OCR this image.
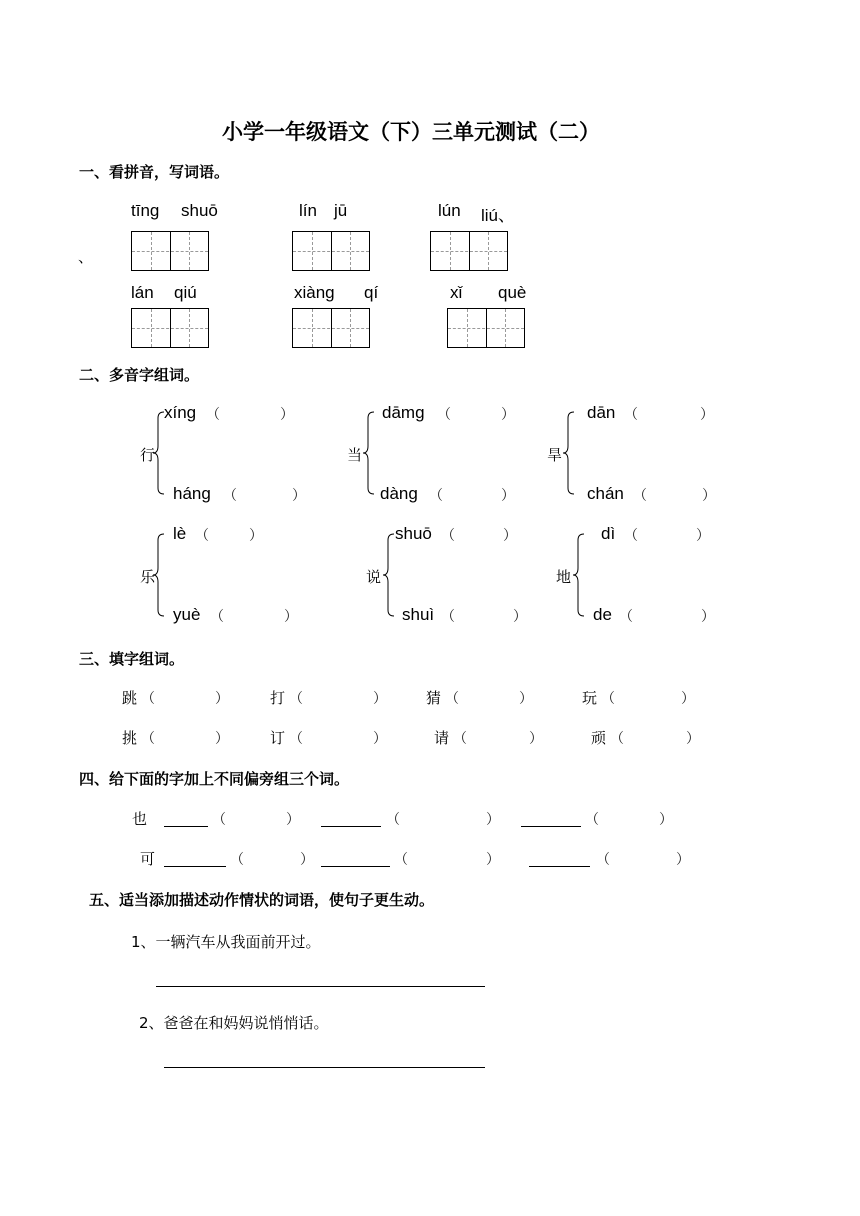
小学一年级语文（下）三单元测试（二）
一、看拼音，写词语。
tīng shuō	lín jū	lún liú、
、
lán qiú	xiàng qí	xǐ què
二、多音字组词。
行
xíng （	）
háng （	）
当
dāmg （	）
dàng （	）
旱
dān （	）
chán （	）
乐
lè （	）
yuè （	）
说
shuō （	）
shuì （	）
地
dì （	）
de （	）
三、填字组词。
跳 （	）	打 （	）	猜 （	）	玩 （	）
挑 （	）	订 （	）	请 （	）	顽 （	）
四、给下面的字加上不同偏旁组三个词。
也	（	）	（	）	（	）
可	（	）	（	）	（	）
五、适当添加描述动作情状的词语，使句子更生动。
1、一辆汽车从我面前开过。
2、爸爸在和妈妈说悄悄话。
